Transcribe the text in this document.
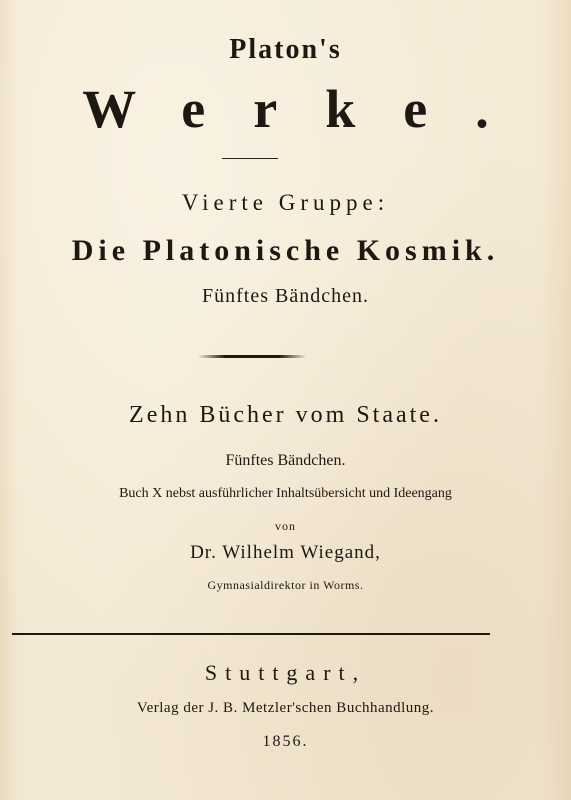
Platon's
Werke.
Vierte Gruppe:
Die Platonische Kosmik.
Fünftes Bändchen.
Zehn Bücher vom Staate.
Fünftes Bändchen.
Buch X nebst ausführlicher Inhaltsübersicht und Ideengang
von
Dr. Wilhelm Wiegand,
Gymnasialdirektor in Worms.
Stuttgart,
Verlag der J. B. Metzler'schen Buchhandlung.
1856.
